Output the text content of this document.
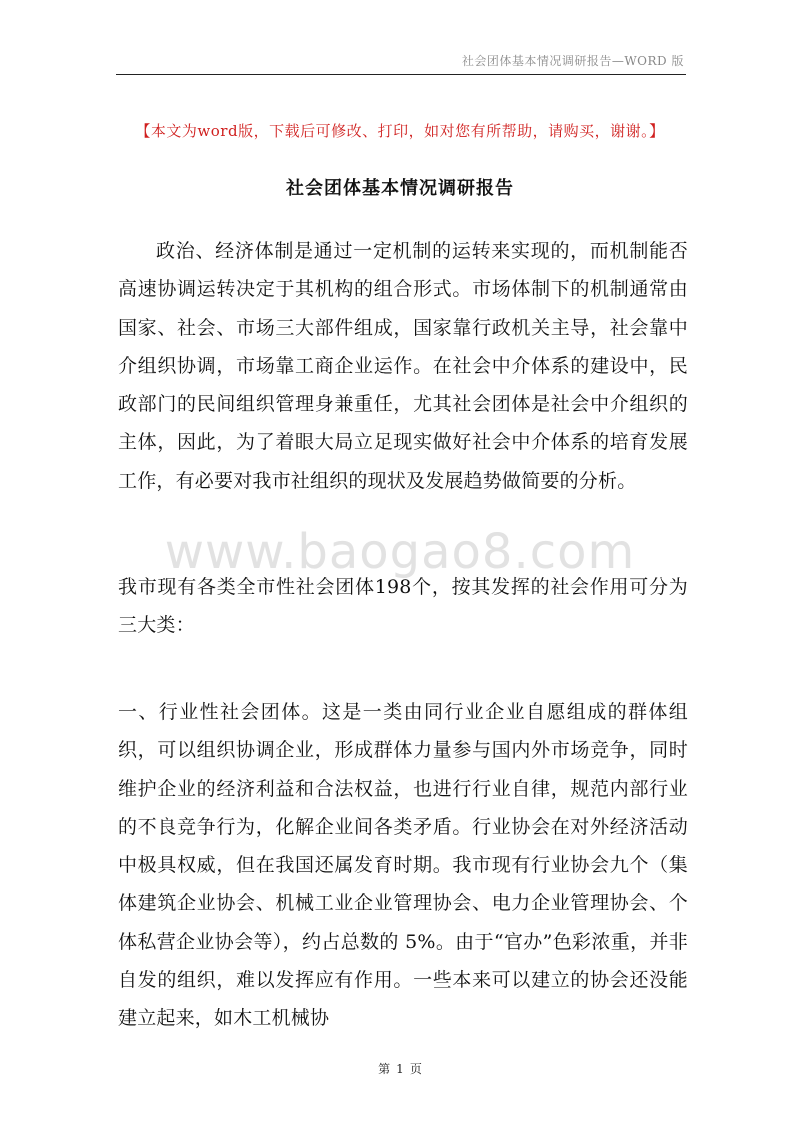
社会团体基本情况调研报告—WORD 版
【本文为word版，下载后可修改、打印，如对您有所帮助，请购买，谢谢。】
社会团体基本情况调研报告

政治、经济体制是通过一定机制的运转来实现的，而机制能否高速协调运转决定于其机构的组合形式。市场体制下的机制通常由国家、社会、市场三大部件组成，国家靠行政机关主导，社会靠中介组织协调，市场靠工商企业运作。在社会中介体系的建设中，民政部门的民间组织管理身兼重任，尤其社会团体是社会中介组织的主体，因此，为了着眼大局立足现实做好社会中介体系的培育发展工作，有必要对我市社组织的现状及发展趋势做简要的分析。

www.baogao8.com

我市现有各类全市性社会团体198个，按其发挥的社会作用可分为三大类：

一、行业性社会团体。这是一类由同行业企业自愿组成的群体组织，可以组织协调企业，形成群体力量参与国内外市场竞争，同时维护企业的经济利益和合法权益，也进行行业自律，规范内部行业的不良竞争行为，化解企业间各类矛盾。行业协会在对外经济活动中极具权威，但在我国还属发育时期。我市现有行业协会九个（集体建筑企业协会、机械工业企业管理协会、电力企业管理协会、个体私营企业协会等），约占总数的 5%。由于“官办”色彩浓重，并非自发的组织，难以发挥应有作用。一些本来可以建立的协会还没能建立起来，如木工机械协

第 1 页
